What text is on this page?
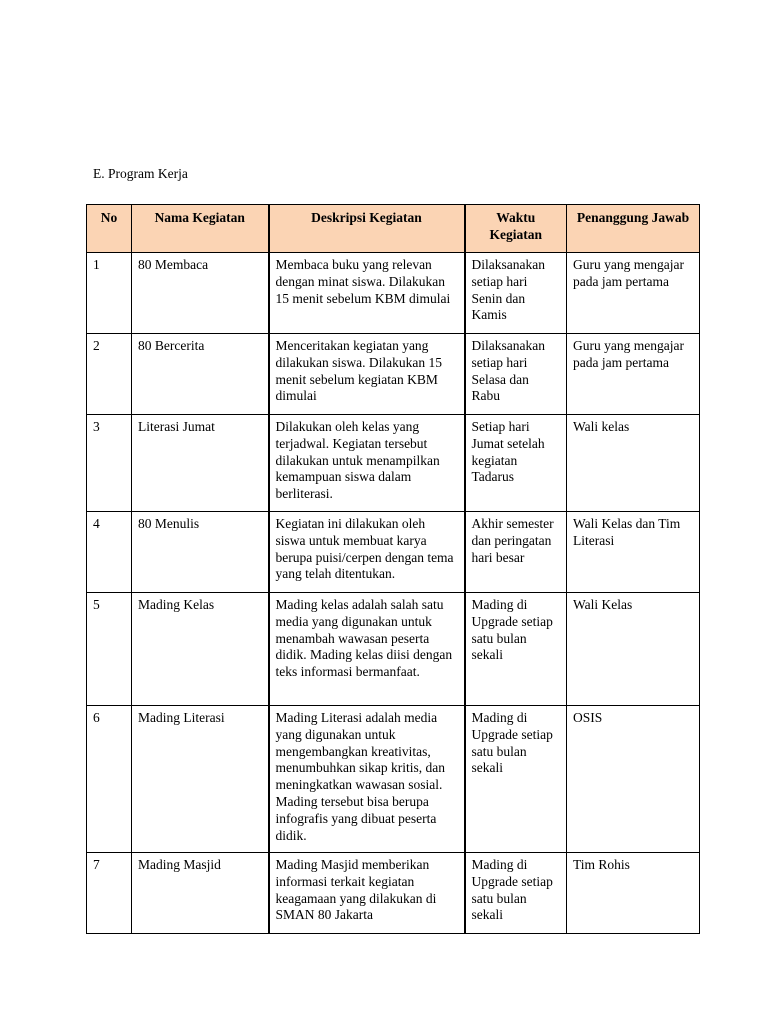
E. Program Kerja

No	Nama Kegiatan	Deskripsi Kegiatan	Waktu Kegiatan	Penanggung Jawab
1	80 Membaca	Membaca buku yang relevan dengan minat siswa. Dilakukan 15 menit sebelum KBM dimulai	Dilaksanakan setiap hari Senin dan Kamis	Guru yang mengajar pada jam pertama
2	80 Bercerita	Menceritakan kegiatan yang dilakukan siswa. Dilakukan 15 menit sebelum kegiatan KBM dimulai	Dilaksanakan setiap hari Selasa dan Rabu	Guru yang mengajar pada jam pertama
3	Literasi Jumat	Dilakukan oleh kelas yang terjadwal. Kegiatan tersebut dilakukan untuk menampilkan kemampuan siswa dalam berliterasi.	Setiap hari Jumat setelah kegiatan Tadarus	Wali kelas
4	80 Menulis	Kegiatan ini dilakukan oleh siswa untuk membuat karya berupa puisi/cerpen dengan tema yang telah ditentukan.	Akhir semester dan peringatan hari besar	Wali Kelas dan Tim Literasi
5	Mading Kelas	Mading kelas adalah salah satu media yang digunakan untuk menambah wawasan peserta didik. Mading kelas diisi dengan teks informasi bermanfaat.	Mading di Upgrade setiap satu bulan sekali	Wali Kelas
6	Mading Literasi	Mading Literasi adalah media yang digunakan untuk mengembangkan kreativitas, menumbuhkan sikap kritis, dan meningkatkan wawasan sosial. Mading tersebut bisa berupa infografis yang dibuat peserta didik.	Mading di Upgrade setiap satu bulan sekali	OSIS
7	Mading Masjid	Mading Masjid memberikan informasi terkait kegiatan keagamaan yang dilakukan di SMAN 80 Jakarta	Mading di Upgrade setiap satu bulan sekali	Tim Rohis
